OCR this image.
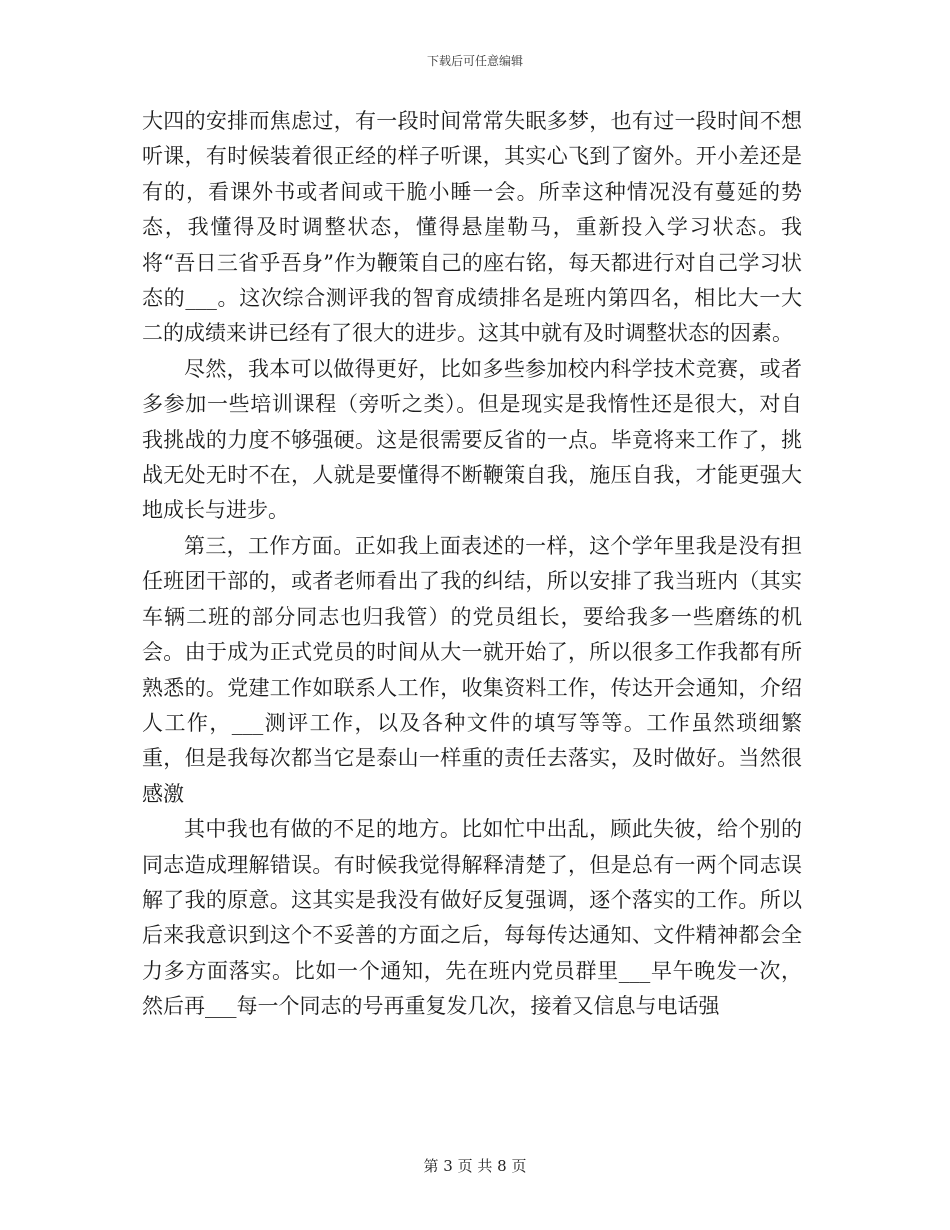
下载后可任意编辑

大四的安排而焦虑过，有一段时间常常失眠多梦，也有过一段时间不想听课，有时候装着很正经的样子听课，其实心飞到了窗外。开小差还是有的，看课外书或者间或干脆小睡一会。所幸这种情况没有蔓延的势态，我懂得及时调整状态，懂得悬崖勒马，重新投入学习状态。我将“吾日三省乎吾身”作为鞭策自己的座右铭，每天都进行对自己学习状态的___。这次综合测评我的智育成绩排名是班内第四名，相比大一大二的成绩来讲已经有了很大的进步。这其中就有及时调整状态的因素。

尽然，我本可以做得更好，比如多些参加校内科学技术竞赛，或者多参加一些培训课程（旁听之类）。但是现实是我惰性还是很大，对自我挑战的力度不够强硬。这是很需要反省的一点。毕竟将来工作了，挑战无处无时不在，人就是要懂得不断鞭策自我，施压自我，才能更强大地成长与进步。

第三，工作方面。正如我上面表述的一样，这个学年里我是没有担任班团干部的，或者老师看出了我的纠结，所以安排了我当班内（其实车辆二班的部分同志也归我管）的党员组长，要给我多一些磨练的机会。由于成为正式党员的时间从大一就开始了，所以很多工作我都有所熟悉的。党建工作如联系人工作，收集资料工作，传达开会通知，介绍人工作，___测评工作，以及各种文件的填写等等。工作虽然琐细繁重，但是我每次都当它是泰山一样重的责任去落实，及时做好。当然很感激

其中我也有做的不足的地方。比如忙中出乱，顾此失彼，给个别的同志造成理解错误。有时候我觉得解释清楚了，但是总有一两个同志误解了我的原意。这其实是我没有做好反复强调，逐个落实的工作。所以后来我意识到这个不妥善的方面之后，每每传达通知、文件精神都会全力多方面落实。比如一个通知，先在班内党员群里___早午晚发一次，然后再___每一个同志的号再重复发几次，接着又信息与电话强

第 3 页 共 8 页
